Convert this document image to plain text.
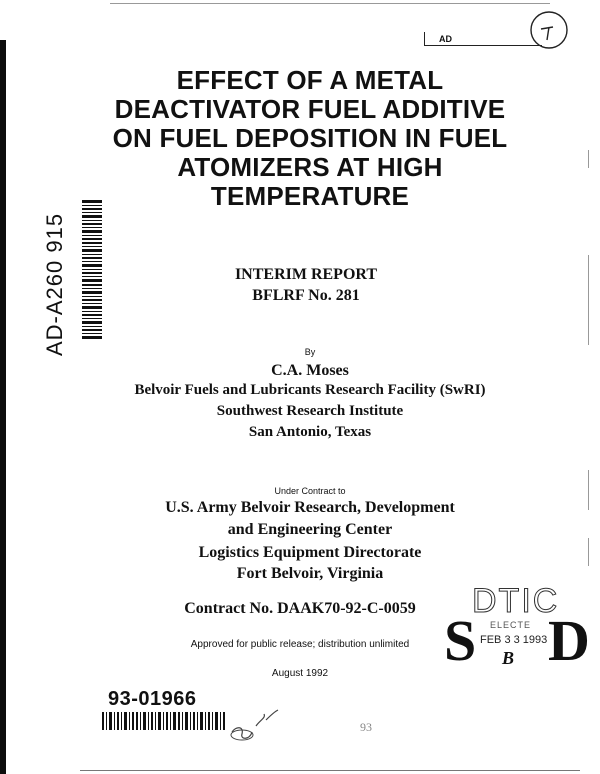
AD
EFFECT OF A METAL
DEACTIVATOR FUEL ADDITIVE
ON FUEL DEPOSITION IN FUEL
ATOMIZERS AT HIGH
TEMPERATURE
AD-A260 915	INTERIM REPORT
BFLRF No. 281
By
C.A. Moses
Belvoir Fuels and Lubricants Research Facility (SwRI)
Southwest Research Institute
San Antonio, Texas
Under Contract to
U.S. Army Belvoir Research, Development
and Engineering Center
Logistics Equipment Directorate
Fort Belvoir, Virginia
Contract No. DAAK70-92-C-0059
Approved for public release; distribution unlimited
August 1992
DTIC
ELECTE
FEB 3 3 1993
S D
B
93-01966
93
